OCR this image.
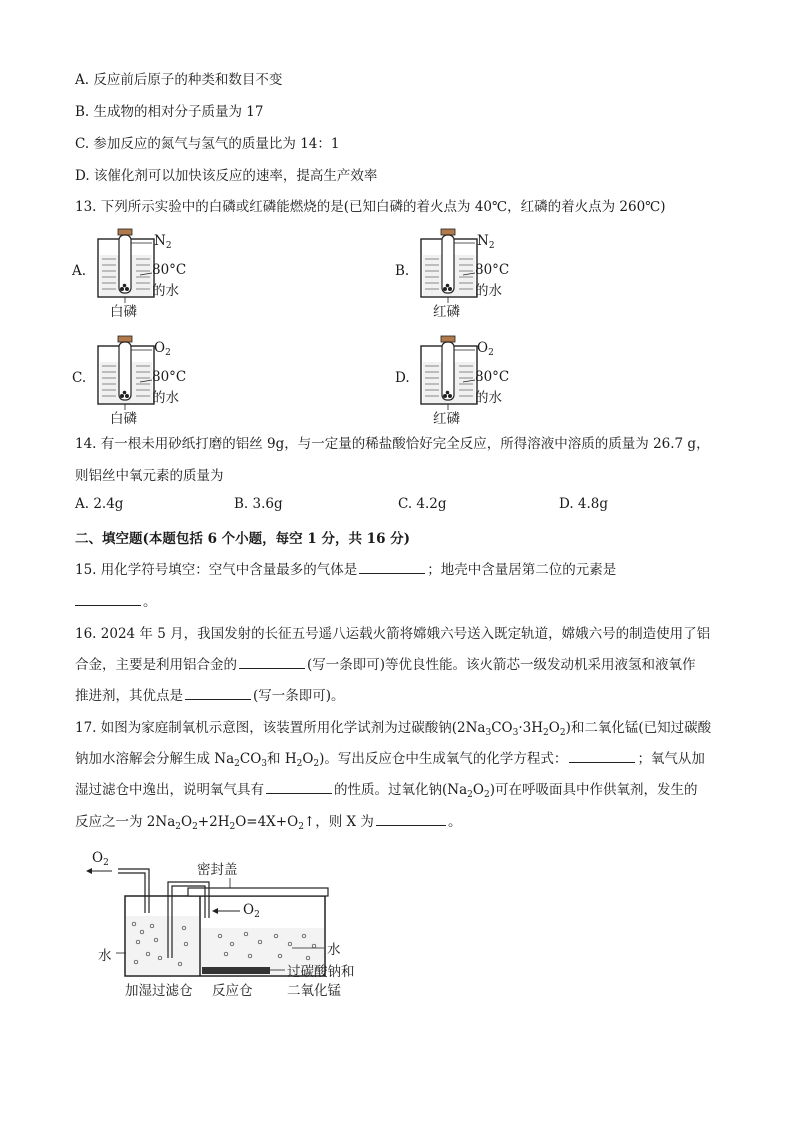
A. 反应前后原子的种类和数目不变
B. 生成物的相对分子质量为 17
C. 参加反应的氮气与氢气的质量比为 14：1
D. 该催化剂可以加快该反应的速率，提高生产效率
13. 下列所示实验中的白磷或红磷能燃烧的是(已知白磷的着火点为 40℃，红磷的着火点为 260℃)
A.
$N_2$
80°C
的水
白磷
B.
$N_2$
80°C
的水
红磷
C.
$O_2$
80°C
的水
白磷
D.
$O_2$
80°C
的水
红磷
14. 有一根未用砂纸打磨的铝丝 9g，与一定量的稀盐酸恰好完全反应，所得溶液中溶质的质量为 26.7 g，
则铝丝中氧元素的质量为
A. 2.4g	B. 3.6g	C. 4.2g	D. 4.8g
二、填空题(本题包括 6 个小题，每空 1 分，共 16 分)
15. 用化学符号填空：空气中含量最多的气体是	；地壳中含量居第二位的元素是
。
16. 2024 年 5 月，我国发射的长征五号遥八运载火箭将嫦娥六号送入既定轨道，嫦娥六号的制造使用了铝
合金，主要是利用铝合金的	(写一条即可)等优良性能。该火箭芯一级发动机采用液氢和液氧作
推进剂，其优点是	(写一条即可)。
17. 如图为家庭制氧机示意图，该装置所用化学试剂为过碳酸钠$(2Na_3CO_3\cdot 3H_2O_2)$和二氧化锰(已知过碳酸
钠加水溶解会分解生成 $Na_2CO_3$和 $H_2O_2$)。写出反应仓中生成氧气的化学方程式：	；氧气从加
湿过滤仓中逸出，说明氧气具有	的性质。过氧化钠$(Na_2O_2)$可在呼吸面具中作供氧剂，发生的
反应之一为 $2Na_2O_2+2H_2O=4X+O_2↑$，则 X 为	。
密封盖
$O_2$
$O_2$
水	水
过碳酸钠和
二氧化锰
加湿过滤仓 反应仓
